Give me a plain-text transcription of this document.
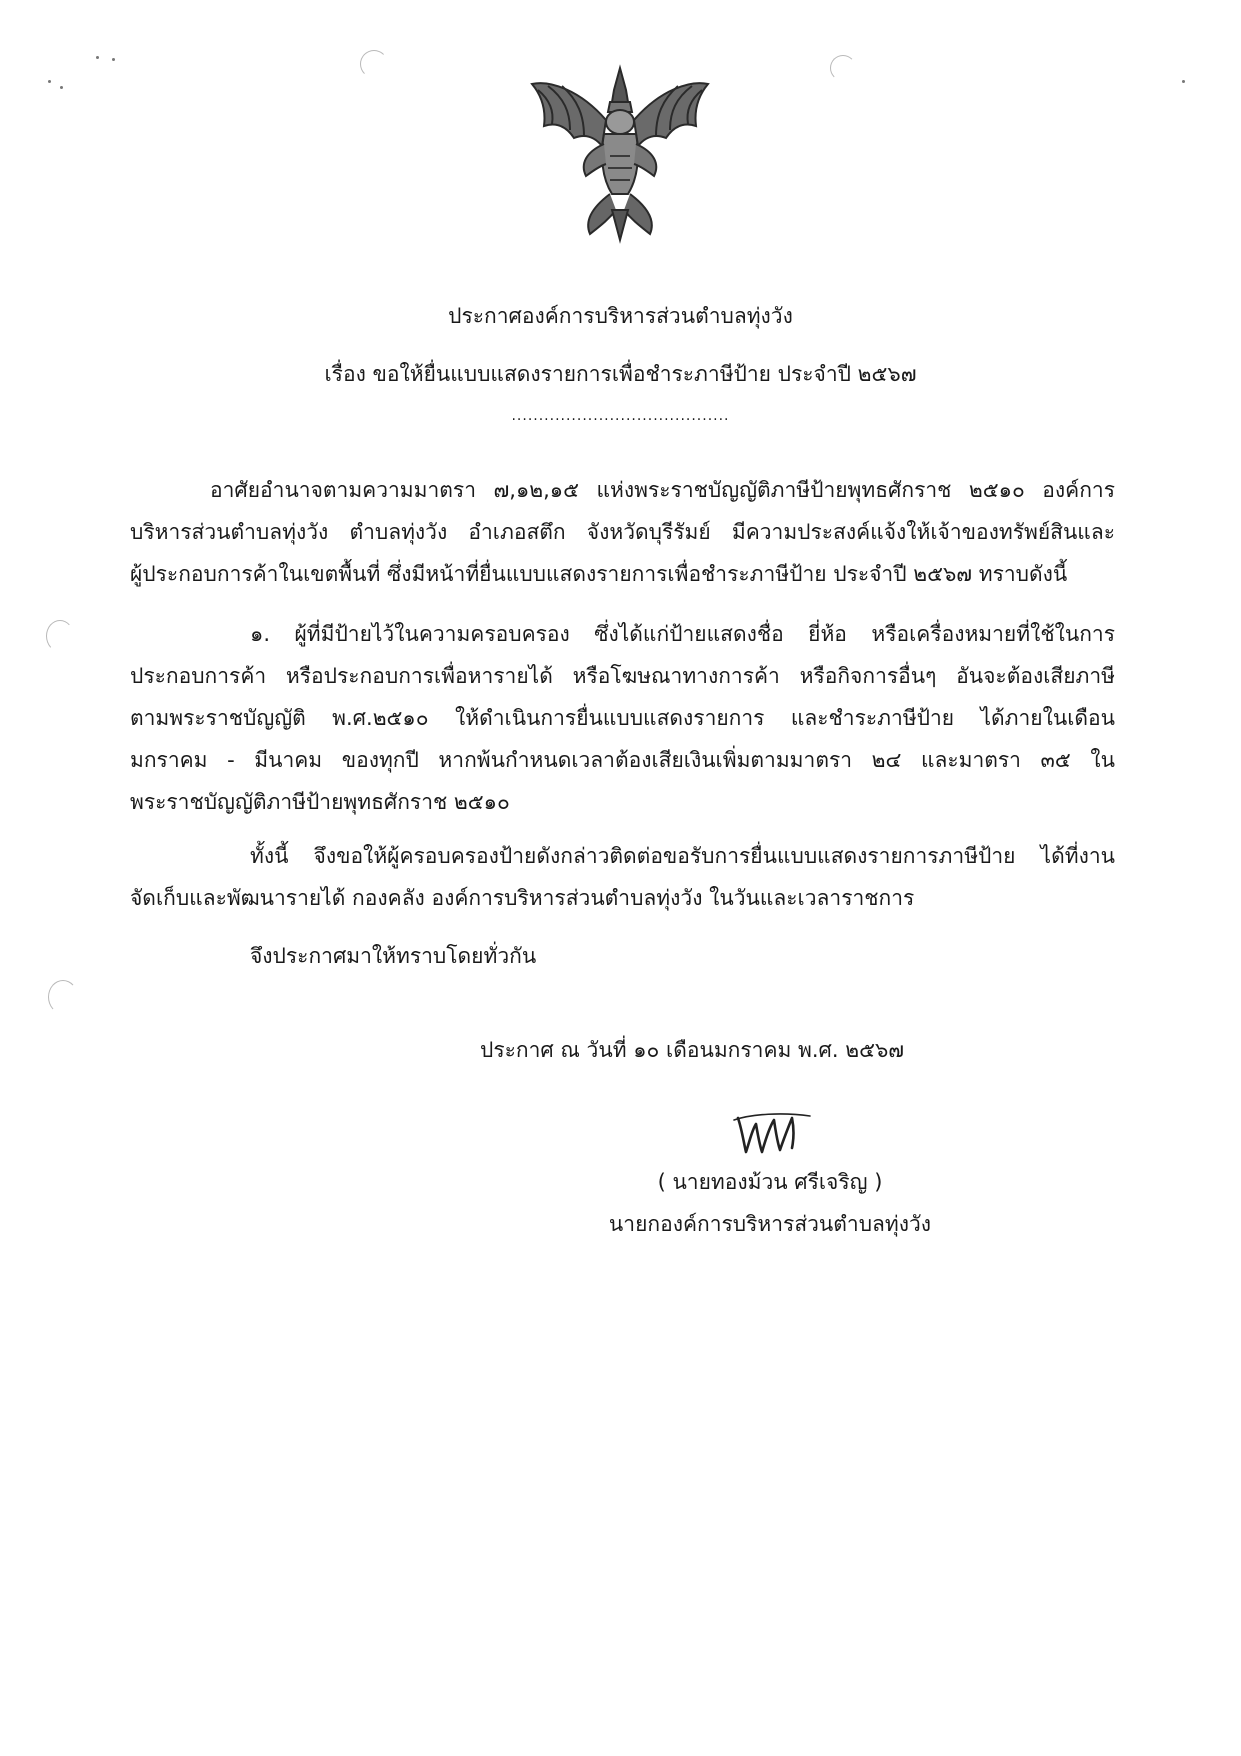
ประกาศองค์การบริหารส่วนตำบลทุ่งวัง
เรื่อง ขอให้ยื่นแบบแสดงรายการเพื่อชำระภาษีป้าย ประจำปี ๒๕๖๗
........................................
อาศัยอำนาจตามความมาตรา ๗,๑๒,๑๕ แห่งพระราชบัญญัติภาษีป้ายพุทธศักราช ๒๕๑๐ องค์การ
บริหารส่วนตำบลทุ่งวัง ตำบลทุ่งวัง อำเภอสตึก จังหวัดบุรีรัมย์ มีความประสงค์แจ้งให้เจ้าของทรัพย์สินและ
ผู้ประกอบการค้าในเขตพื้นที่ ซึ่งมีหน้าที่ยื่นแบบแสดงรายการเพื่อชำระภาษีป้าย ประจำปี ๒๕๖๗ ทราบดังนี้
๑. ผู้ที่มีป้ายไว้ในความครอบครอง ซึ่งได้แก่ป้ายแสดงชื่อ ยี่ห้อ หรือเครื่องหมายที่ใช้ในการ
ประกอบการค้า หรือประกอบการเพื่อหารายได้ หรือโฆษณาทางการค้า หรือกิจการอื่นๆ อันจะต้องเสียภาษี
ตามพระราชบัญญัติ พ.ศ.๒๕๑๐ ให้ดำเนินการยื่นแบบแสดงรายการ และชำระภาษีป้าย ได้ภายในเดือน
มกราคม - มีนาคม ของทุกปี หากพ้นกำหนดเวลาต้องเสียเงินเพิ่มตามมาตรา ๒๔ และมาตรา ๓๕ ใน
พระราชบัญญัติภาษีป้ายพุทธศักราช ๒๕๑๐
ทั้งนี้ จึงขอให้ผู้ครอบครองป้ายดังกล่าวติดต่อขอรับการยื่นแบบแสดงรายการภาษีป้าย ได้ที่งาน
จัดเก็บและพัฒนารายได้ กองคลัง องค์การบริหารส่วนตำบลทุ่งวัง ในวันและเวลาราชการ
จึงประกาศมาให้ทราบโดยทั่วกัน
ประกาศ ณ วันที่ ๑๐ เดือนมกราคม พ.ศ. ๒๕๖๗
( นายทองม้วน ศรีเจริญ )
นายกองค์การบริหารส่วนตำบลทุ่งวัง
